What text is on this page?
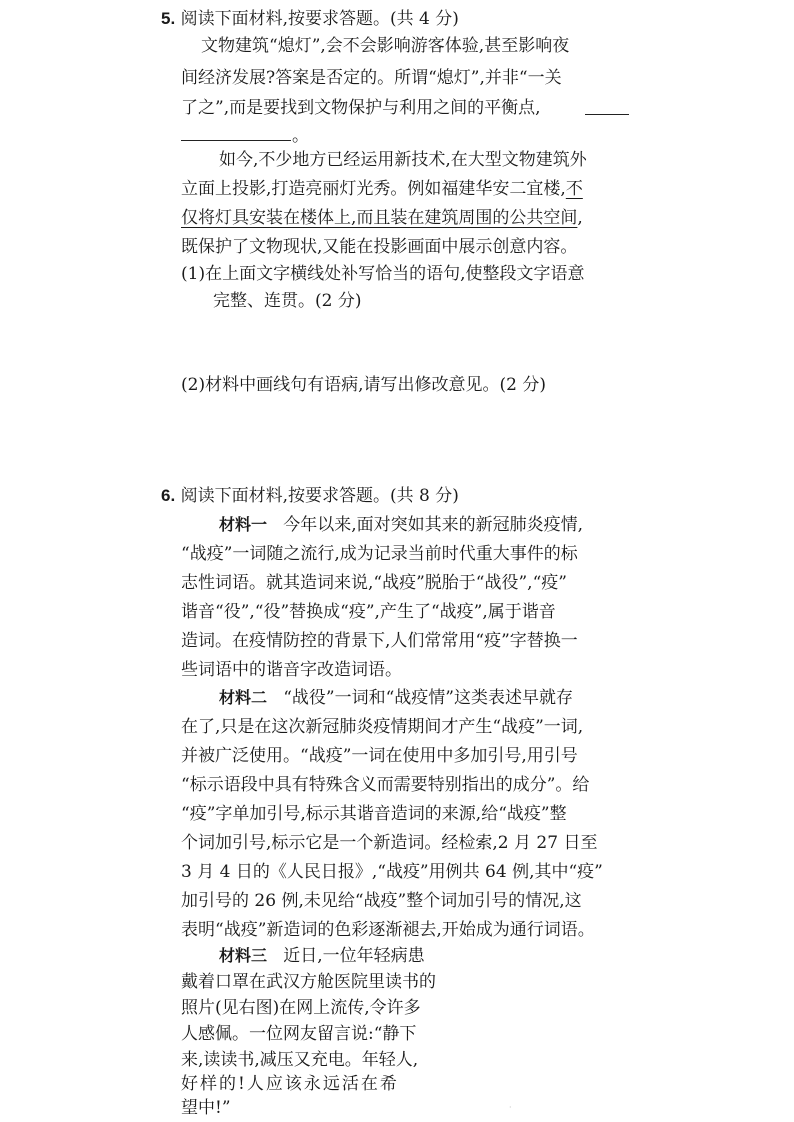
5. 阅读下面材料,按要求答题。(共 4 分)
文物建筑“熄灯”,会不会影响游客体验,甚至影响夜
间经济发展?答案是否定的。所谓“熄灯”,并非“一关
了之”,而是要找到文物保护与利用之间的平衡点,
。
如今,不少地方已经运用新技术,在大型文物建筑外
立面上投影,打造亮丽灯光秀。例如福建华安二宜楼,不
仅将灯具安装在楼体上,而且装在建筑周围的公共空间,
既保护了文物现状,又能在投影画面中展示创意内容。
(1)在上面文字横线处补写恰当的语句,使整段文字语意
完整、连贯。(2 分)
(2)材料中画线句有语病,请写出修改意见。(2 分)
6. 阅读下面材料,按要求答题。(共 8 分)
材料一 今年以来,面对突如其来的新冠肺炎疫情,
“战疫”一词随之流行,成为记录当前时代重大事件的标
志性词语。就其造词来说,“战疫”脱胎于“战役”,“疫”
谐音“役”,“役”替换成“疫”,产生了“战疫”,属于谐音
造词。在疫情防控的背景下,人们常常用“疫”字替换一
些词语中的谐音字改造词语。
材料二 “战役”一词和“战疫情”这类表述早就存
在了,只是在这次新冠肺炎疫情期间才产生“战疫”一词,
并被广泛使用。“战疫”一词在使用中多加引号,用引号
“标示语段中具有特殊含义而需要特别指出的成分”。给
“疫”字单加引号,标示其谐音造词的来源,给“战疫”整
个词加引号,标示它是一个新造词。经检索,2 月 27 日至
3 月 4 日的《人民日报》,“战疫”用例共 64 例,其中“疫”
加引号的 26 例,未见给“战疫”整个词加引号的情况,这
表明“战疫”新造词的色彩逐渐褪去,开始成为通行词语。
材料三 近日,一位年轻病患
戴着口罩在武汉方舱医院里读书的
照片(见右图)在网上流传,令许多
人感佩。一位网友留言说:“静下
来,读读书,减压又充电。年轻人,
好样的!人应该永远活在希
·
望中!”
